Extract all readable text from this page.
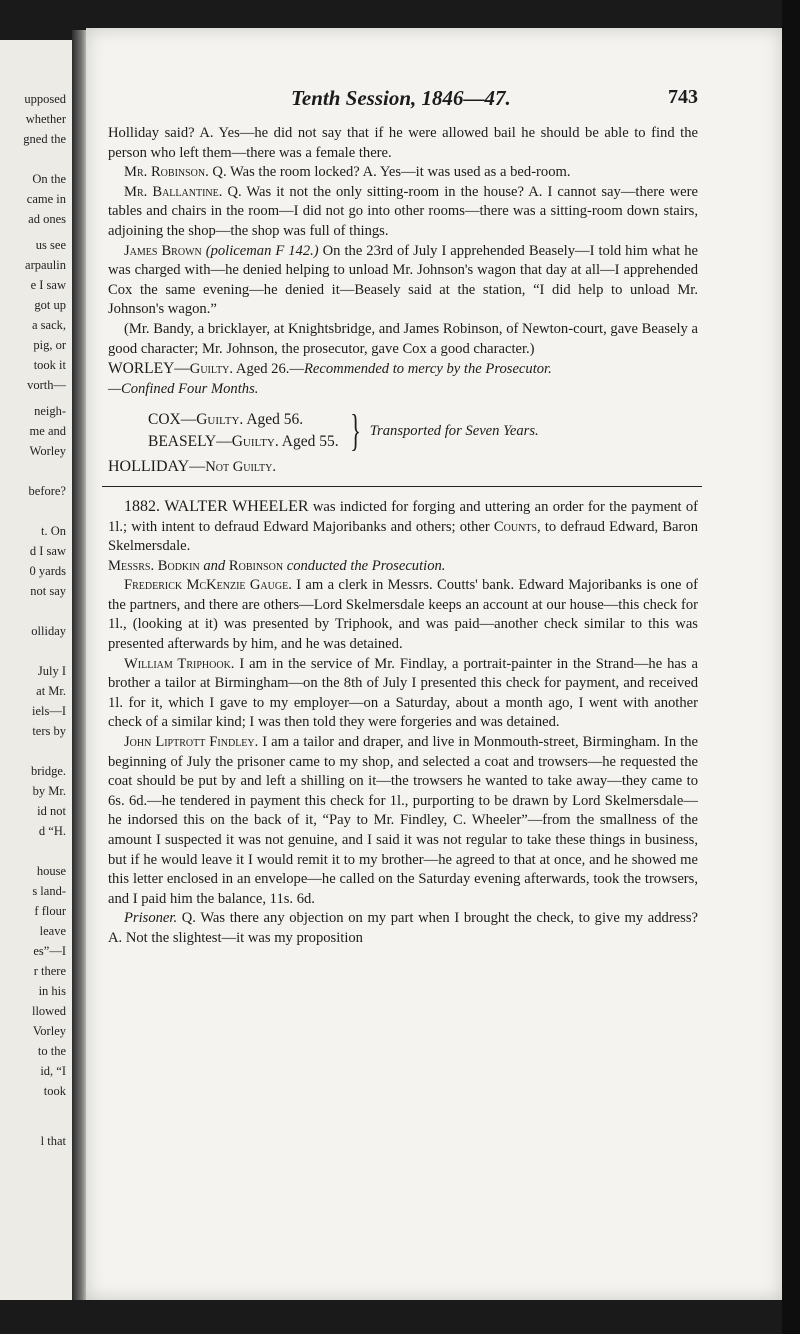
upposed
whether
gned the
On the
came in
ad ones
us see
arpaulin
e I saw
got up
a sack,
pig, or
took it
vorth—
neigh-
me and
Worley
before?
t. On
d I saw
0 yards
not say
olliday
July I
at Mr.
iels—I
ters by
bridge.
by Mr.
id not
d “H.
house
s land-
f flour
leave
es”—I
r there
in his
llowed
Vorley
to the
id, “I
took
l that
Tenth Session, 1846—47.	743

Holliday said? A. Yes—he did not say that if he were allowed bail he should be able to find the person who left them—there was a female there.

Mr. Robinson. Q. Was the room locked? A. Yes—it was used as a bed-room.

Mr. Ballantine. Q. Was it not the only sitting-room in the house? A. I cannot say—there were tables and chairs in the room—I did not go into other rooms—there was a sitting-room down stairs, adjoining the shop—the shop was full of things.

James Brown (policeman F 142.) On the 23rd of July I apprehended Beasely—I told him what he was charged with—he denied helping to unload Mr. Johnson's wagon that day at all—I apprehended Cox the same evening—he denied it—Beasely said at the station, “I did help to unload Mr. Johnson's wagon.”

(Mr. Bandy, a bricklayer, at Knightsbridge, and James Robinson, of Newton-court, gave Beasely a good character; Mr. Johnson, the prosecutor, gave Cox a good character.)

WORLEY—Guilty. Aged 26.—Recommended to mercy by the Prosecutor.

—Confined Four Months.

COX—Guilty. Aged 56.
BEASELY—Guilty. Aged 55. } Transported for Seven Years.

HOLLIDAY—Not Guilty.

1882. WALTER WHEELER was indicted for forging and uttering an order for the payment of 1l.; with intent to defraud Edward Majoribanks and others; other Counts, to defraud Edward, Baron Skelmersdale.

Messrs. Bodkin and Robinson conducted the Prosecution.

Frederick McKenzie Gauge. I am a clerk in Messrs. Coutts' bank. Edward Majoribanks is one of the partners, and there are others—Lord Skelmersdale keeps an account at our house—this check for 1l., (looking at it) was presented by Triphook, and was paid—another check similar to this was presented afterwards by him, and he was detained.

William Triphook. I am in the service of Mr. Findlay, a portrait-painter in the Strand—he has a brother a tailor at Birmingham—on the 8th of July I presented this check for payment, and received 1l. for it, which I gave to my employer—on a Saturday, about a month ago, I went with another check of a similar kind; I was then told they were forgeries and was detained.

John Liptrott Findley. I am a tailor and draper, and live in Monmouth-street, Birmingham. In the beginning of July the prisoner came to my shop, and selected a coat and trowsers—he requested the coat should be put by and left a shilling on it—the trowsers he wanted to take away—they came to 6s. 6d.—he tendered in payment this check for 1l., purporting to be drawn by Lord Skelmersdale—he indorsed this on the back of it, “Pay to Mr. Findley, C. Wheeler”—from the smallness of the amount I suspected it was not genuine, and I said it was not regular to take these things in business, but if he would leave it I would remit it to my brother—he agreed to that at once, and he showed me this letter enclosed in an envelope—he called on the Saturday evening afterwards, took the trowsers, and I paid him the balance, 11s. 6d.

Prisoner. Q. Was there any objection on my part when I brought the check, to give my address? A. Not the slightest—it was my proposition
